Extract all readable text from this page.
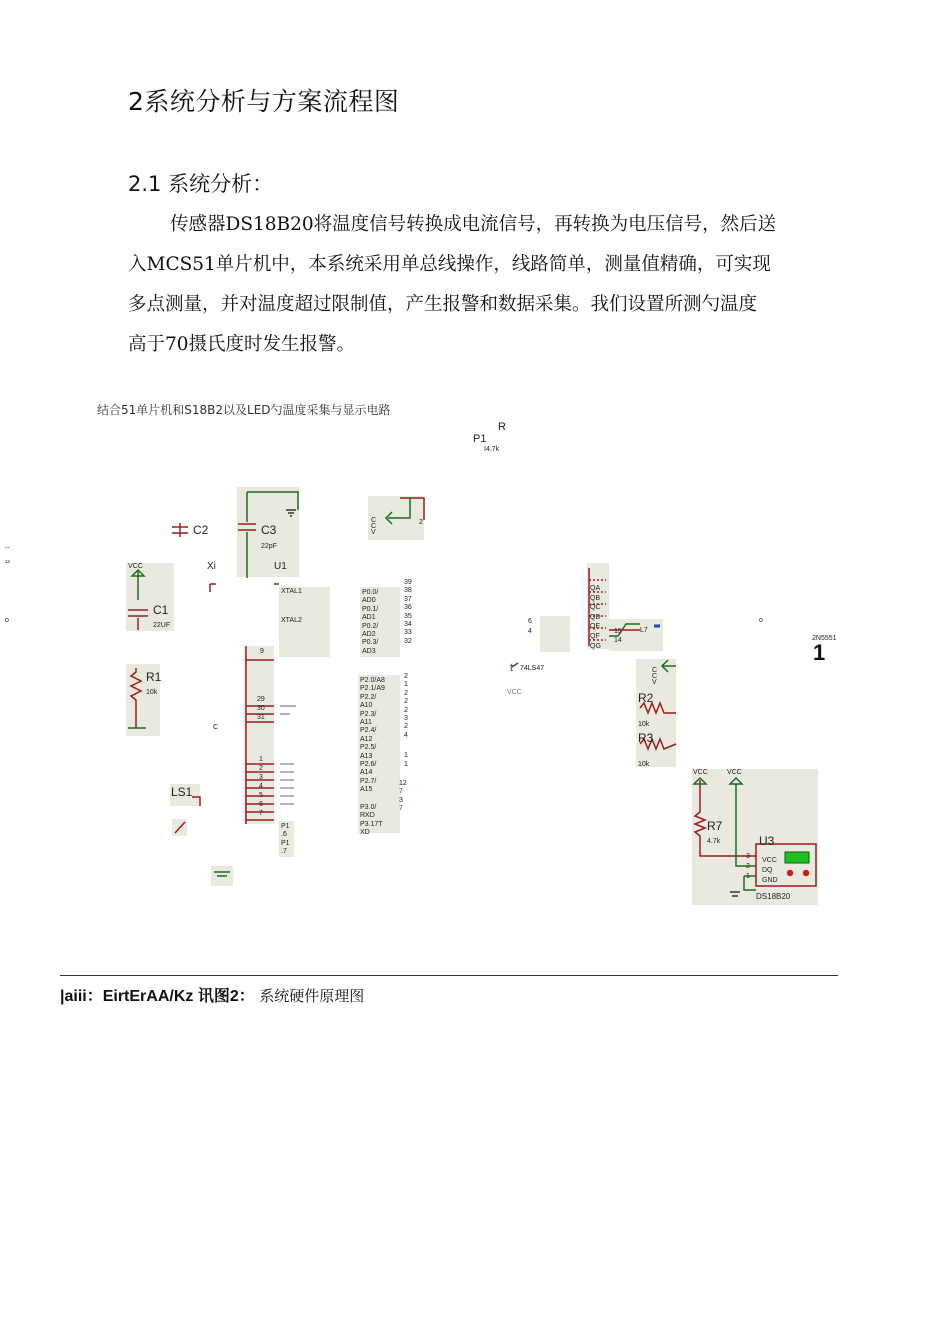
2系统分析与方案流程图
2.1 系统分析：
传感器DS18B20将温度信号转换成电流信号，再转换为电压信号，然后送
入MCS51单片机中，本系统采用单总线操作，线路简单，测量值精确，可实现
多点测量，并对温度超过限制值，产生报警和数据采集。我们设置所测勺温度
高于70摄氏度时发生报警。
结合51单片机和S18B2以及LED勺温度采集与显示电路
R
P1
I4.7k
C2	C3
22pF
CCV
2
VCC
C1
22UF
R1
10k
Xi	U1
XTAL1
XTAL2
9
29
30
31
1
2
3
4
5
6
7
C
P1
.6
P1
.7
P0.0/
AD0
P0.1/
AD1
P0.2/
AD2
P0.3/
AD3
39
38
37
36
35
34
33
32
P2.0/A8
P2.1/A9
P2.2/
A10
P2.3/
A11
P2.4/
A12
P2.5/
A13
P2.6/
A14
P2.7/
A15
2
1
2
2
2
3
2
4
1
1
P3.0/
RXD
P3.17T
XD
12
7
3
7
LS1
6
4
t 74LS47
VCC
QA
QB
QC
QD
QE
QF
QG
15
14
L7
2N5551
1
CCV
R2
10k
R3
10k
VCC	VCC
R7
4.7k	U3
3
2
1
VCC
DQ
GND
DS18B20
--
¹³
o	o
|aiii：EirtErAA/Kz 讯图2： 系统硬件原理图
